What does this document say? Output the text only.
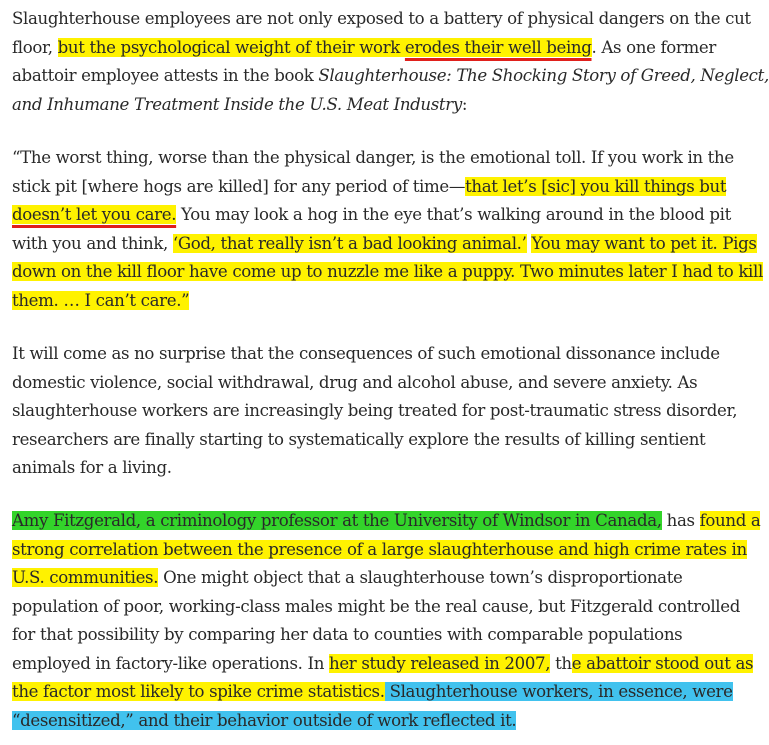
Slaughterhouse employees are not only exposed to a battery of physical dangers on the cut

floor, but the psychological weight of their work erodes their well being. As one former

abattoir employee attests in the book Slaughterhouse: The Shocking Story of Greed, Neglect,

and Inhumane Treatment Inside the U.S. Meat Industry:

“The worst thing, worse than the physical danger, is the emotional toll. If you work in the

stick pit [where hogs are killed] for any period of time—that let’s [sic] you kill things but

doesn’t let you care. You may look a hog in the eye that’s walking around in the blood pit

with you and think, ‘God, that really isn’t a bad looking animal.’ You may want to pet it. Pigs

down on the kill floor have come up to nuzzle me like a puppy. Two minutes later I had to kill

them. … I can’t care.”

It will come as no surprise that the consequences of such emotional dissonance include

domestic violence, social withdrawal, drug and alcohol abuse, and severe anxiety. As

slaughterhouse workers are increasingly being treated for post-traumatic stress disorder,

researchers are finally starting to systematically explore the results of killing sentient

animals for a living.

Amy Fitzgerald, a criminology professor at the University of Windsor in Canada, has found a

strong correlation between the presence of a large slaughterhouse and high crime rates in

U.S. communities. One might object that a slaughterhouse town’s disproportionate

population of poor, working-class males might be the real cause, but Fitzgerald controlled

for that possibility by comparing her data to counties with comparable populations

employed in factory-like operations. In her study released in 2007, the abattoir stood out as

the factor most likely to spike crime statistics. Slaughterhouse workers, in essence, were

“desensitized,” and their behavior outside of work reflected it.
